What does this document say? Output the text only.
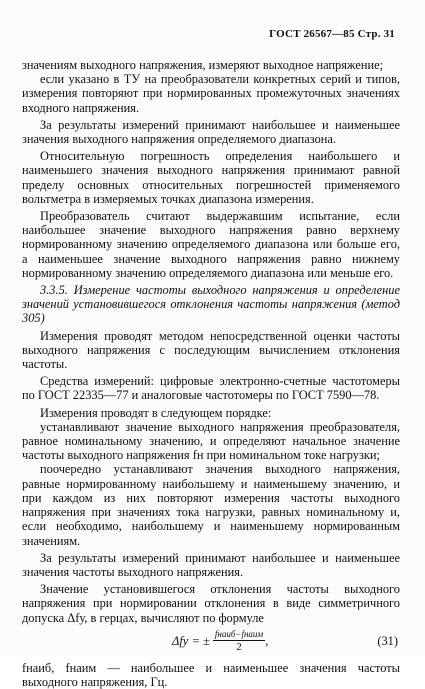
ГОСТ 26567—85 Стр. 31

значениям выходного напряжения, измеряют выходное напряжение;

если указано в ТУ на преобразователи конкретных серий и типов, измерения повторяют при нормированных промежуточных значениях входного напряжения.

За результаты измерений принимают наибольшее и наименьшее значения выходного напряжения определяемого диапазона.

Относительную погрешность определения наибольшего и наименьшего значения выходного напряжения принимают равной пределу основных относительных погрешностей применяемого вольтметра в измеряемых точках диапазона измерения.

Преобразователь считают выдержавшим испытание, если наибольшее значение выходного напряжения равно верхнему нормированному значению определяемого диапазона или больше его, а наименьшее значение выходного напряжения равно нижнему нормированному значению определяемого диапазона или меньше его.

3.3.5. Измерение частоты выходного напряжения и определение значений установившегося отклонения частоты напряжения (метод 305)

Измерения проводят методом непосредственной оценки частоты выходного напряжения с последующим вычислением отклонения частоты.

Средства измерений: цифровые электронно-счетные частотомеры по ГОСТ 22335—77 и аналоговые частотомеры по ГОСТ 7590—78.

Измерения проводят в следующем порядке:

устанавливают значение выходного напряжения преобразователя, равное номинальному значению, и определяют начальное значение частоты выходного напряжения fн при номинальном токе нагрузки;

поочередно устанавливают значения выходного напряжения, равные нормированному наибольшему и наименьшему значению, и при каждом из них повторяют измерения частоты выходного напряжения при значениях тока нагрузки, равных номинальному и, если необходимо, наибольшему и наименьшему нормированным значениям.

За результаты измерений принимают наибольшее и наименьшее значения частоты выходного напряжения.

Значение установившегося отклонения частоты выходного напряжения при нормировании отклонения в виде симметричного допуска Δfу, в герцах, вычисляют по формуле

Δfу = ± $\frac{\text{fнаиб−fнаим}}{2}$ ,	(31)

fнаиб, fнаим — наибольшее и наименьшее значения частоты выходного напряжения, Гц.
